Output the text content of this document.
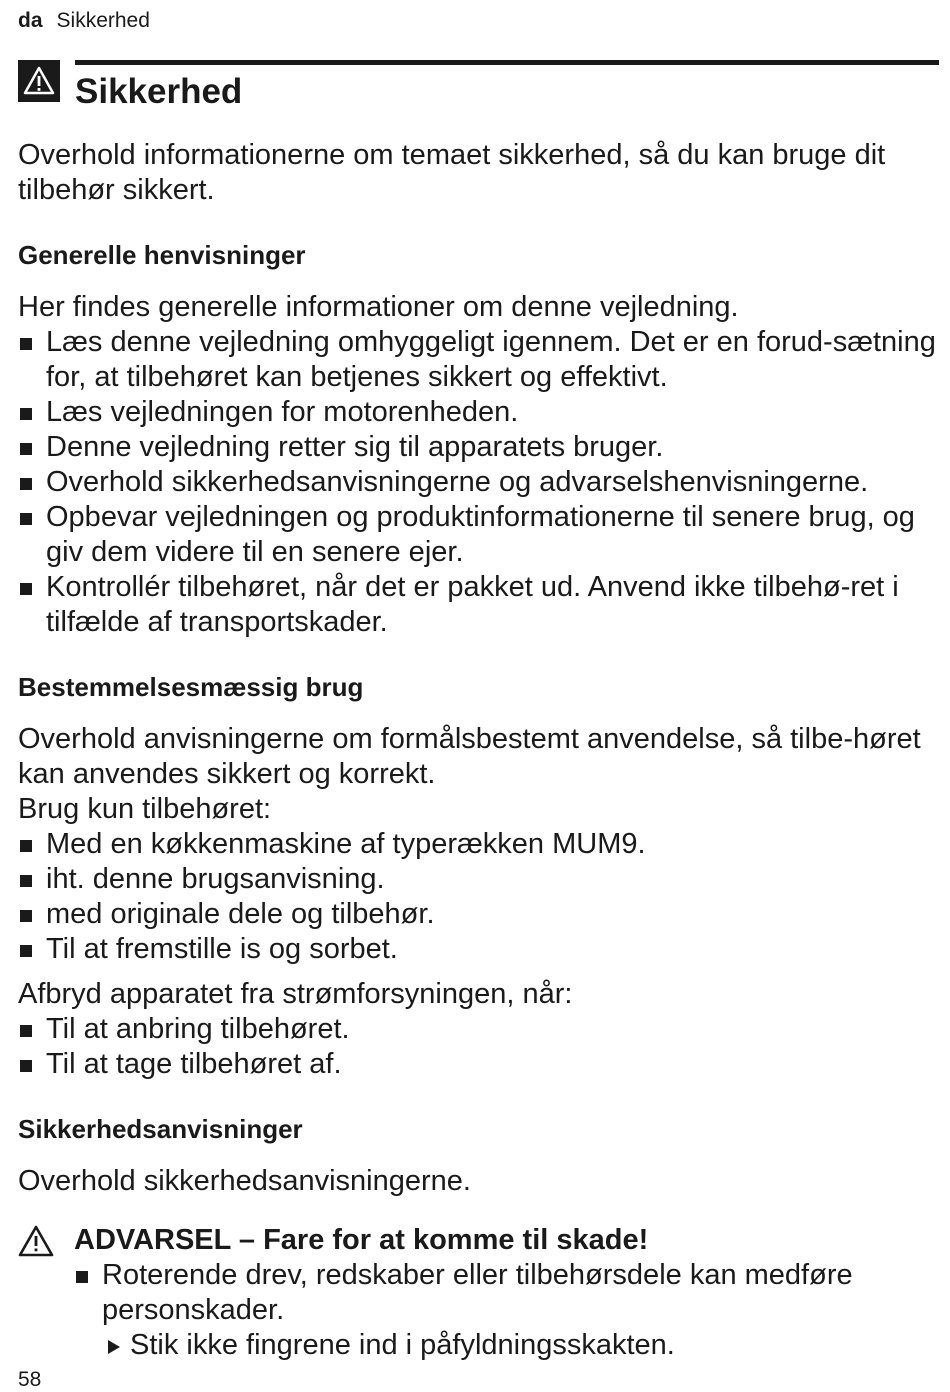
da Sikkerhed
Sikkerhed

Overhold informationerne om temaet sikkerhed, så du kan bruge dit tilbehør sikkert.

Generelle henvisninger

Her findes generelle informationer om denne vejledning.

Læs denne vejledning omhyggeligt igennem. Det er en forud-sætning for, at tilbehøret kan betjenes sikkert og effektivt.
Læs vejledningen for motorenheden.
Denne vejledning retter sig til apparatets bruger.
Overhold sikkerhedsanvisningerne og advarselshenvisningerne.
Opbevar vejledningen og produktinformationerne til senere brug, og giv dem videre til en senere ejer.
Kontrollér tilbehøret, når det er pakket ud. Anvend ikke tilbehø-ret i tilfælde af transportskader.
Bestemmelsesmæssig brug

Overhold anvisningerne om formålsbestemt anvendelse, så tilbe-høret kan anvendes sikkert og korrekt.

Brug kun tilbehøret:

Med en køkkenmaskine af typerækken MUM9.
iht. denne brugsanvisning.
med originale dele og tilbehør.
Til at fremstille is og sorbet.

Afbryd apparatet fra strømforsyningen, når:

Til at anbring tilbehøret.
Til at tage tilbehøret af.
Sikkerhedsanvisninger

Overhold sikkerhedsanvisningerne.

ADVARSEL – Fare for at komme til skade!
Roterende drev, redskaber eller tilbehørsdele kan medføre personskader.
Stik ikke fingrene ind i påfyldningsskakten.
58
